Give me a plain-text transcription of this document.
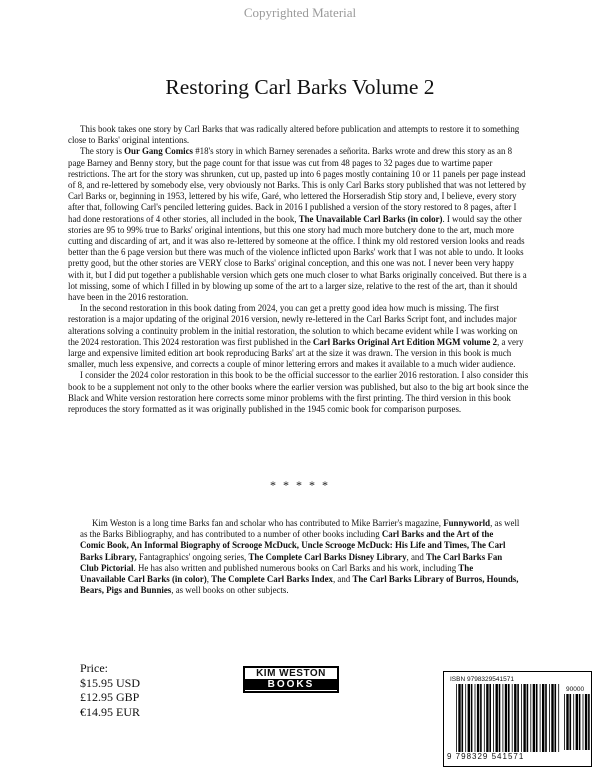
Copyrighted Material
Restoring Carl Barks Volume 2

This book takes one story by Carl Barks that was radically altered before publication and attempts to restore it to something close to Barks' original intentions.

The story is Our Gang Comics #18's story in which Barney serenades a señorita. Barks wrote and drew this story as an 8 page Barney and Benny story, but the page count for that issue was cut from 48 pages to 32 pages due to wartime paper restrictions. The art for the story was shrunken, cut up, pasted up into 6 pages mostly containing 10 or 11 panels per page instead of 8, and re-lettered by somebody else, very obviously not Barks. This is only Carl Barks story published that was not lettered by Carl Barks or, beginning in 1953, lettered by his wife, Garé, who lettered the Horseradish Stip story and, I believe, every story after that, following Carl's penciled lettering guides. Back in 2016 I published a version of the story restored to 8 pages, after I had done restorations of 4 other stories, all included in the book, The Unavailable Carl Barks (in color). I would say the other stories are 95 to 99% true to Barks' original intentions, but this one story had much more butchery done to the art, much more cutting and discarding of art, and it was also re-lettered by someone at the office. I think my old restored version looks and reads better than the 6 page version but there was much of the violence inflicted upon Barks' work that I was not able to undo. It looks pretty good, but the other stories are VERY close to Barks' original conception, and this one was not. I never been very happy with it, but I did put together a publishable version which gets one much closer to what Barks originally conceived. But there is a lot missing, some of which I filled in by blowing up some of the art to a larger size, relative to the rest of the art, than it should have been in the 2016 restoration.

In the second restoration in this book dating from 2024, you can get a pretty good idea how much is missing. The first restoration is a major updating of the original 2016 version, newly re-lettered in the Carl Barks Script font, and includes major alterations solving a continuity problem in the initial restoration, the solution to which became evident while I was working on the 2024 restoration. This 2024 restoration was first published in the Carl Barks Original Art Edition MGM volume 2, a very large and expensive limited edition art book reproducing Barks' art at the size it was drawn. The version in this book is much smaller, much less expensive, and corrects a couple of minor lettering errors and makes it available to a much wider audience.

I consider the 2024 color restoration in this book to be the official successor to the earlier 2016 restoration. I also consider this book to be a supplement not only to the other books where the earlier version was published, but also to the big art book since the Black and White version restoration here corrects some minor problems with the first printing. The third version in this book reproduces the story formatted as it was originally published in the 1945 comic book for comparison purposes.

* * * * *
Kim Weston is a long time Barks fan and scholar who has contributed to Mike Barrier's magazine, Funnyworld, as well as the Barks Bibliography, and has contributed to a number of other books including Carl Barks and the Art of the Comic Book, An Informal Biography of Scrooge McDuck, Uncle Scrooge McDuck: His Life and Times, The Carl Barks Library, Fantagraphics' ongoing series, The Complete Carl Barks Disney Library, and The Carl Barks Fan Club Pictorial. He has also written and published numerous books on Carl Barks and his work, including The Unavailable Carl Barks (in color), The Complete Carl Barks Index, and The Carl Barks Library of Burros, Hounds, Bears, Pigs and Bunnies, as well books on other subjects.
Price:
$15.95 USD
£12.95 GBP
€14.95 EUR
KIM WESTON
BOOKS	ISBN 9798329541571
90000
9 798329 541571
